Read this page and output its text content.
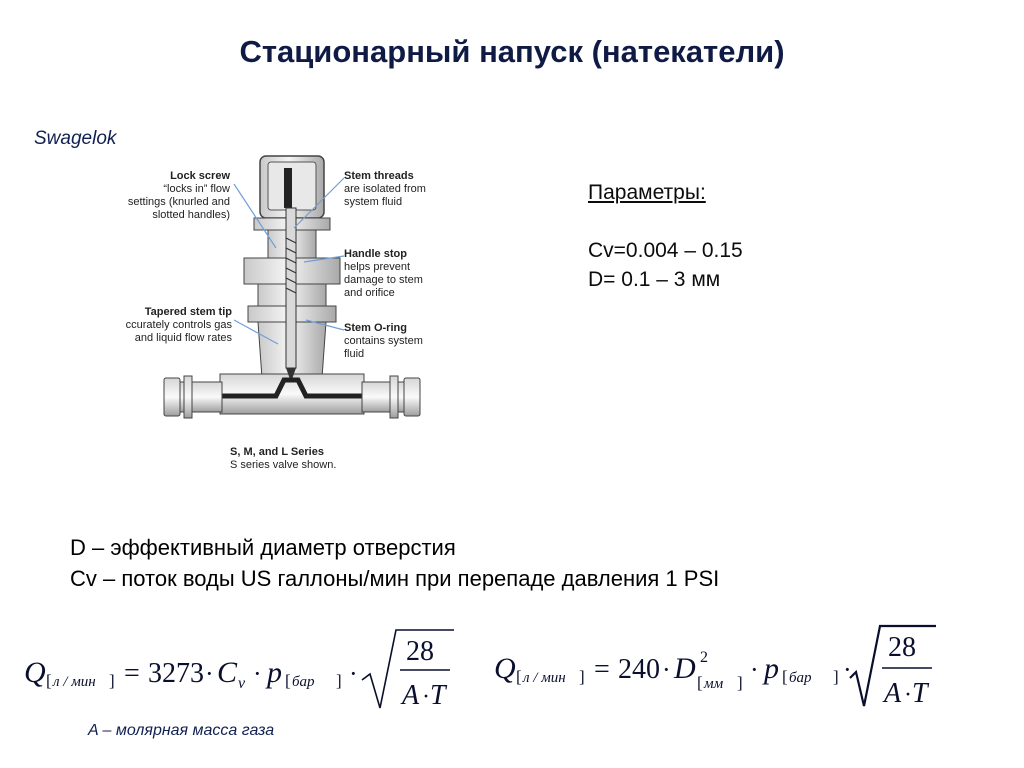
Стационарный напуск (натекатели)
Swagelok
Lock screw
“locks in” flow
settings (knurled and
slotted handles)
Stem threads
are isolated from
system fluid
Handle stop
helps prevent
damage to stem
and orifice
Tapered stem tip
ccurately controls gas
and liquid flow rates
Stem O-ring
contains system
fluid
S, M, and L Series
S series valve shown.
Параметры:
Cv=0.004 – 0.15
D= 0.1 – 3 мм
D – эффективный диаметр отверстия
Cv – поток воды US галлоны/мин при перепаде давления 1 PSI
Q [ л / мин ] = 3273 · C v · p [ бар ] ·
28
A · T
Q [ л / мин ] = 240 · D 2
[ мм ] · p [ бар ] ·
28
A · T
A – молярная масса газа
